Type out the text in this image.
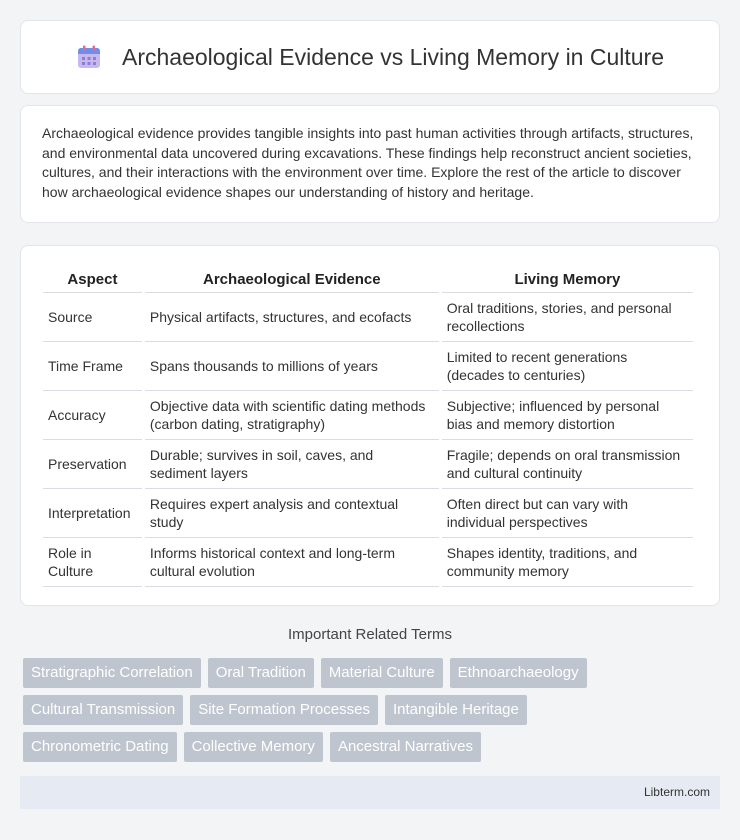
Archaeological Evidence vs Living Memory in Culture

Archaeological evidence provides tangible insights into past human activities through artifacts, structures, and environmental data uncovered during excavations. These findings help reconstruct ancient societies, cultures, and their interactions with the environment over time. Explore the rest of the article to discover how archaeological evidence shapes our understanding of history and heritage.

Aspect	Archaeological Evidence	Living Memory
Source	Physical artifacts, structures, and ecofacts	Oral traditions, stories, and personal recollections
Time Frame	Spans thousands to millions of years	Limited to recent generations (decades to centuries)
Accuracy	Objective data with scientific dating methods (carbon dating, stratigraphy)	Subjective; influenced by personal bias and memory distortion
Preservation	Durable; survives in soil, caves, and sediment layers	Fragile; depends on oral transmission and cultural continuity
Interpretation	Requires expert analysis and contextual study	Often direct but can vary with individual perspectives
Role in Culture	Informs historical context and long-term cultural evolution	Shapes identity, traditions, and community memory
Important Related Terms
Stratigraphic Correlation	Oral Tradition	Material Culture	Ethnoarchaeology
Cultural Transmission	Site Formation Processes	Intangible Heritage
Chronometric Dating	Collective Memory	Ancestral Narratives
Libterm.com
